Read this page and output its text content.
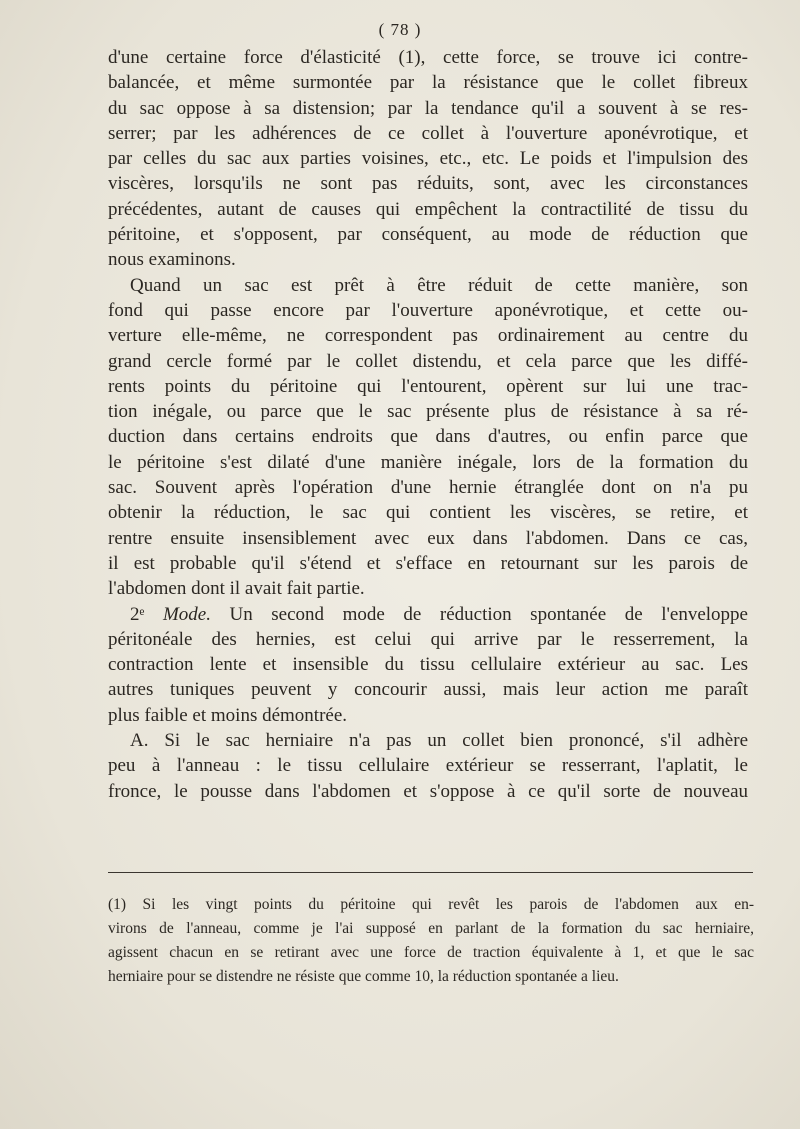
( 78 )
d'une certaine force d'élasticité (1), cette force, se trouve ici contre-
balancée, et même surmontée par la résistance que le collet fibreux
du sac oppose à sa distension; par la tendance qu'il a souvent à se res-
serrer; par les adhérences de ce collet à l'ouverture aponévrotique, et
par celles du sac aux parties voisines, etc., etc. Le poids et l'impulsion des
viscères, lorsqu'ils ne sont pas réduits, sont, avec les circonstances
précédentes, autant de causes qui empêchent la contractilité de tissu du
péritoine, et s'opposent, par conséquent, au mode de réduction que
nous examinons.
Quand un sac est prêt à être réduit de cette manière, son
fond qui passe encore par l'ouverture aponévrotique, et cette ou-
verture elle-même, ne correspondent pas ordinairement au centre du
grand cercle formé par le collet distendu, et cela parce que les diffé-
rents points du péritoine qui l'entourent, opèrent sur lui une trac-
tion inégale, ou parce que le sac présente plus de résistance à sa ré-
duction dans certains endroits que dans d'autres, ou enfin parce que
le péritoine s'est dilaté d'une manière inégale, lors de la formation du
sac. Souvent après l'opération d'une hernie étranglée dont on n'a pu
obtenir la réduction, le sac qui contient les viscères, se retire, et
rentre ensuite insensiblement avec eux dans l'abdomen. Dans ce cas,
il est probable qu'il s'étend et s'efface en retournant sur les parois de
l'abdomen dont il avait fait partie.
2ᵉ Mode. Un second mode de réduction spontanée de l'enveloppe
péritonéale des hernies, est celui qui arrive par le resserrement, la
contraction lente et insensible du tissu cellulaire extérieur au sac. Les
autres tuniques peuvent y concourir aussi, mais leur action me paraît
plus faible et moins démontrée.
A. Si le sac herniaire n'a pas un collet bien prononcé, s'il adhère
peu à l'anneau : le tissu cellulaire extérieur se resserrant, l'aplatit, le
fronce, le pousse dans l'abdomen et s'oppose à ce qu'il sorte de nouveau
(1) Si les vingt points du péritoine qui revêt les parois de l'abdomen aux en-
virons de l'anneau, comme je l'ai supposé en parlant de la formation du sac herniaire,
agissent chacun en se retirant avec une force de traction équivalente à 1, et que le sac
herniaire pour se distendre ne résiste que comme 10, la réduction spontanée a lieu.
